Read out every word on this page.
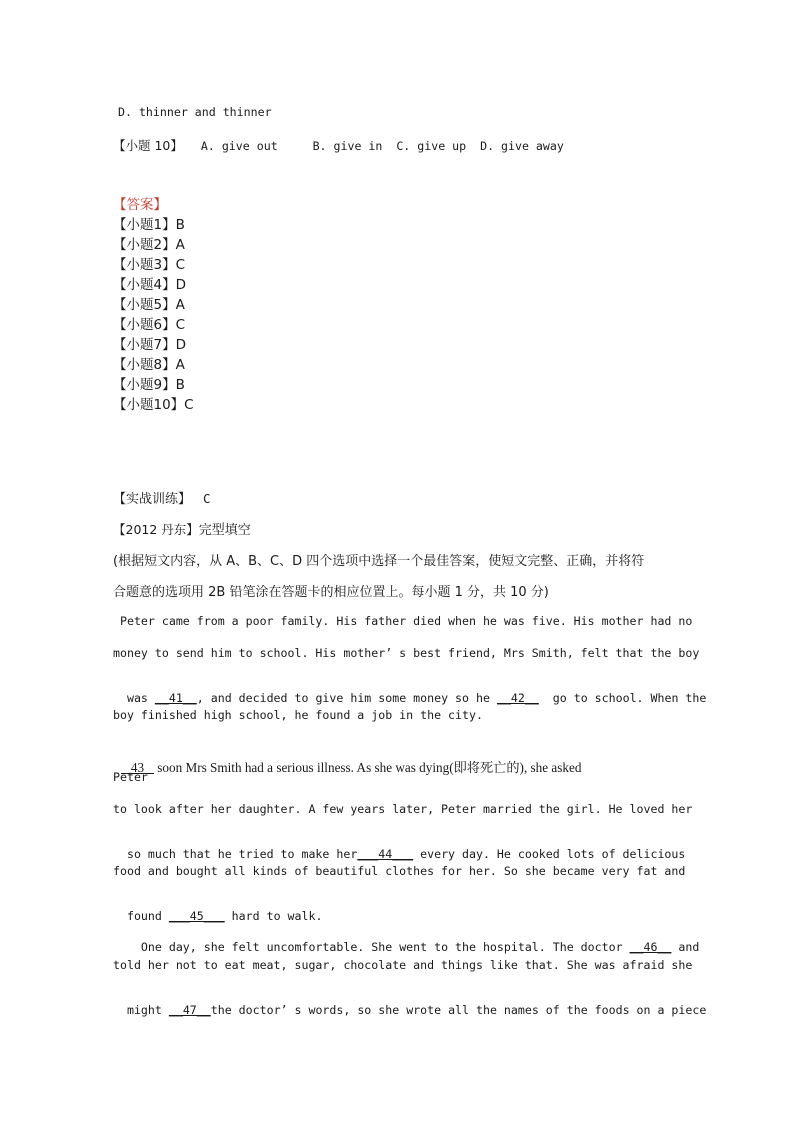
D. thinner and thinner
【小题 10】 A. give out     B. give in  C. give up  D. give away
【答案】
【小题1】B
【小题2】A
【小题3】C
【小题4】D
【小题5】A
【小题6】C
【小题7】D
【小题8】A
【小题9】B
【小题10】C
【实战训练】 C
【2012 丹东】完型填空
(根据短文内容，从 A、B、C、D 四个选项中选择一个最佳答案，使短文完整、正确，并将符
合题意的选项用 2B 铅笔涂在答题卡的相应位置上。每小题 1 分，共 10 分)
Peter came from a poor family. His father died when he was five. His mother had no
money to send him to school. His mother’ s best friend, Mrs Smith, felt that the boy

was __41__, and decided to give him some money so he __42__  go to school. When the

boy finished high school, he found a job in the city.

43    soon Mrs Smith had a serious illness. As she was dying(即将死亡的), she asked

Peter
to look after her daughter. A few years later, Peter married the girl. He loved her

so much that he tried to make her___44___ every day. He cooked lots of delicious

food and bought all kinds of beautiful clothes for her. So she became very fat and

found ___45___ hard to walk.

One day, she felt uncomfortable. She went to the hospital. The doctor __46__ and

told her not to eat meat, sugar, chocolate and things like that. She was afraid she

might __47__the doctor’ s words, so she wrote all the names of the foods on a piece
